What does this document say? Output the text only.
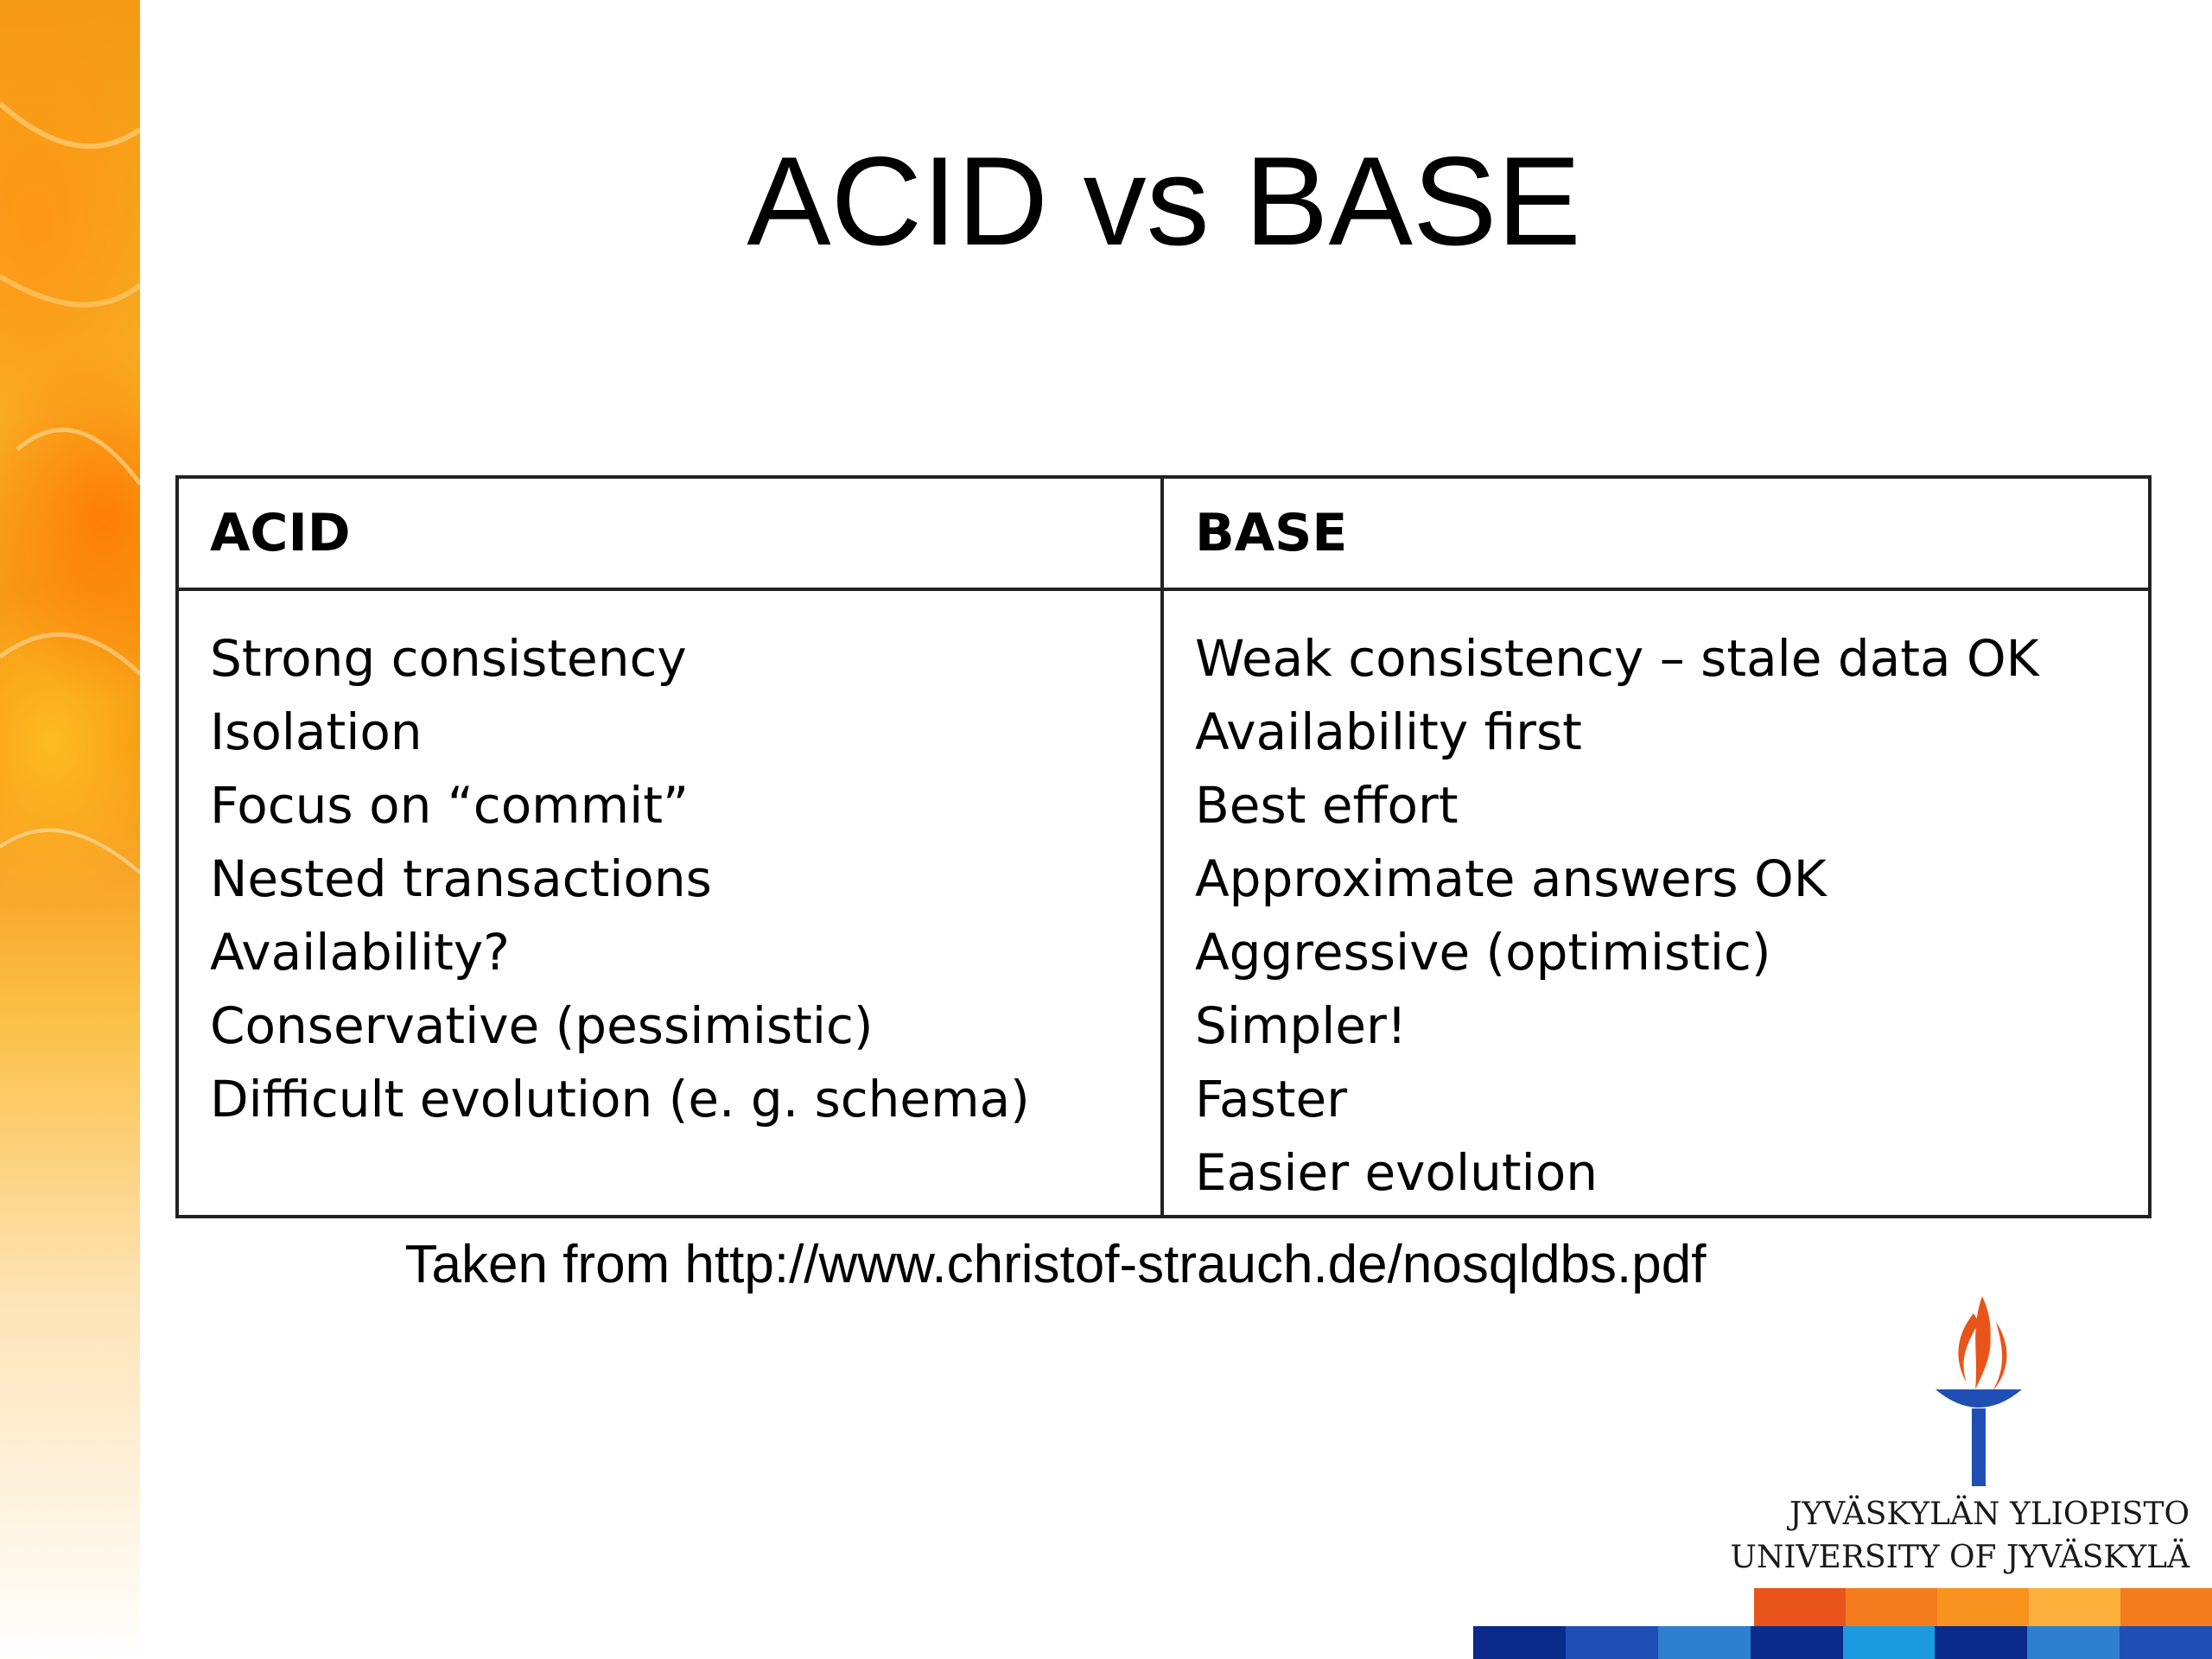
ACID vs BASE
ACID	BASE
Strong consistency
Isolation
Focus on “commit”
Nested transactions
Availability?
Conservative (pessimistic)
Difficult evolution (e. g. schema)
Weak consistency – stale data OK
Availability first
Best effort
Approximate answers OK
Aggressive (optimistic)
Simpler!
Faster
Easier evolution
Taken from http://www.christof-strauch.de/nosqldbs.pdf
JYVÄSKYLÄN YLIOPISTO
UNIVERSITY OF JYVÄSKYLÄ
